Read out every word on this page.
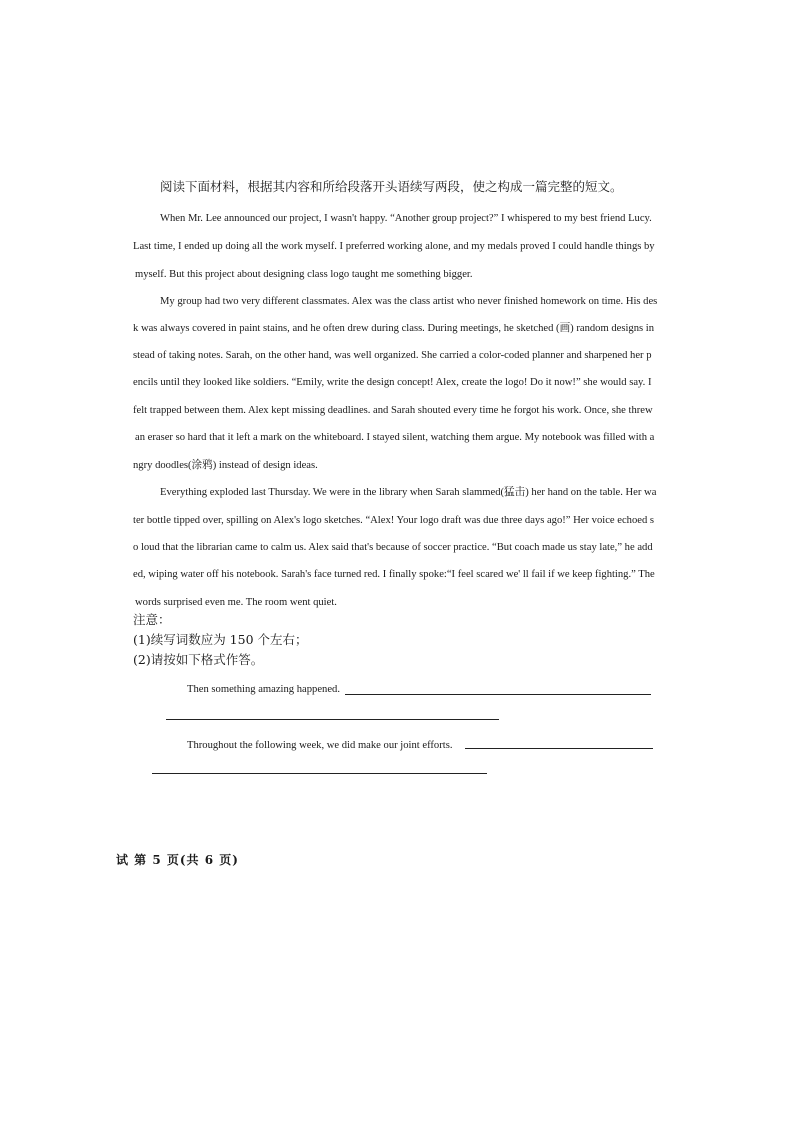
阅读下面材料，根据其内容和所给段落开头语续写两段，使之构成一篇完整的短文。
When Mr. Lee announced our project, I wasn't happy. “Another group project?” I whispered to my best friend Lucy.
Last time, I ended up doing all the work myself. I preferred working alone, and my medals proved I could handle things by
myself. But this project about designing class logo taught me something bigger.
My group had two very different classmates. Alex was the class artist who never finished homework on time. His des
k was always covered in paint stains, and he often drew during class. During meetings, he sketched (画) random designs in
stead of taking notes. Sarah, on the other hand, was well organized. She carried a color-coded planner and sharpened her p
encils until they looked like soldiers. “Emily, write the design concept! Alex, create the logo! Do it now!” she would say. I
felt trapped between them. Alex kept missing deadlines. and Sarah shouted every time he forgot his work. Once, she threw
an eraser so hard that it left a mark on the whiteboard. I stayed silent, watching them argue. My notebook was filled with a
ngry doodles(涂鸦) instead of design ideas.
Everything exploded last Thursday. We were in the library when Sarah slammed(猛击) her hand on the table. Her wa
ter bottle tipped over, spilling on Alex's logo sketches. “Alex! Your logo draft was due three days ago!” Her voice echoed s
o loud that the librarian came to calm us. Alex said that's because of soccer practice. “But coach made us stay late,” he add
ed, wiping water off his notebook. Sarah's face turned red. I finally spoke:“I feel scared we' ll fail if we keep fighting.” The
words surprised even me. The room went quiet.
注意：
(1)续写词数应为 150 个左右；
(2)请按如下格式作答。
Then something amazing happened.
Throughout the following week, we did make our joint efforts.
试 第 5 页(共 6 页)
